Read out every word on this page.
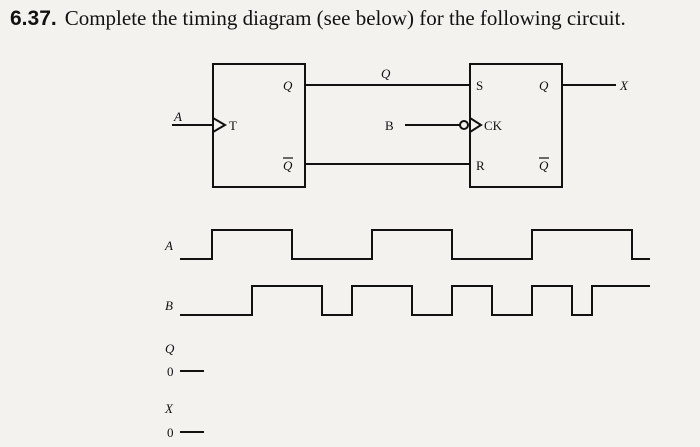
6.37. Complete the timing diagram (see below) for the following circuit.
A
T
Q
Q
Q
B
S
CK
R
Q
Q
X
A
B
Q
X
0
0
